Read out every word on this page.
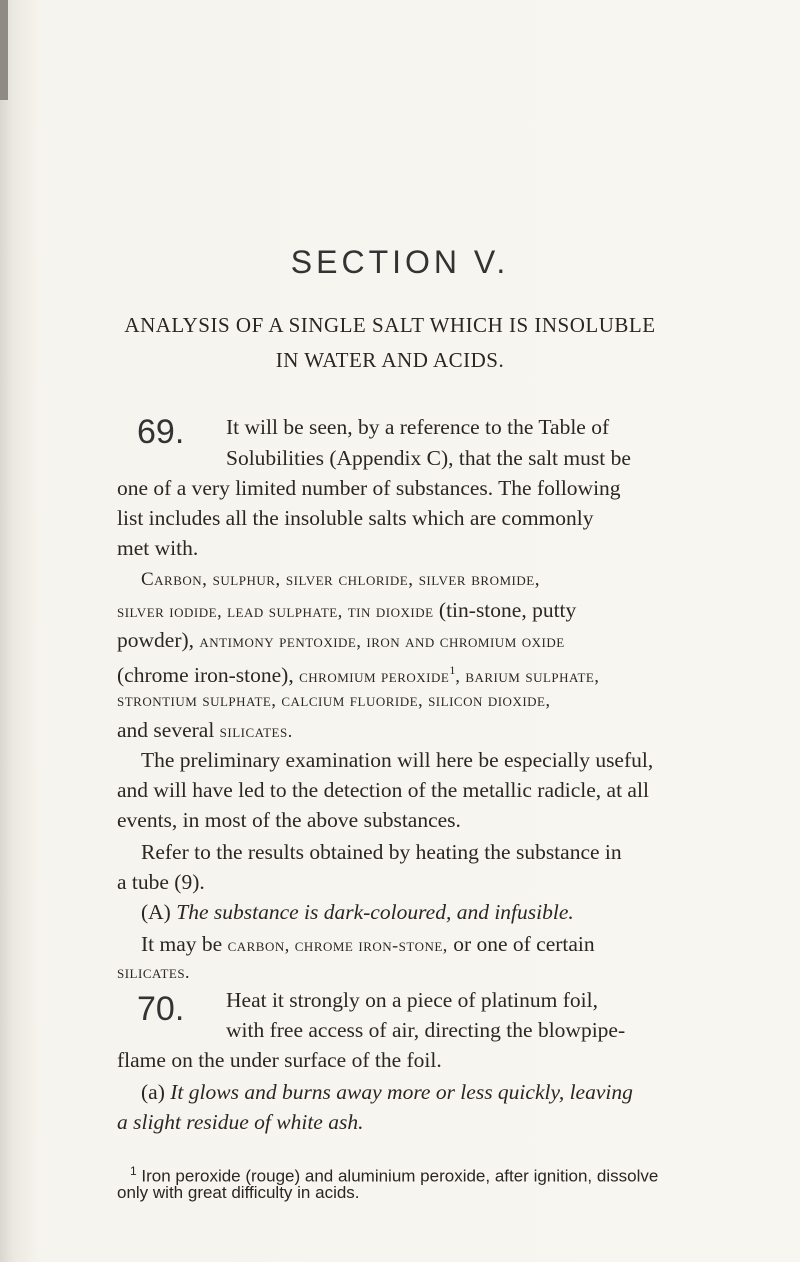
SECTION V.
ANALYSIS OF A SINGLE SALT WHICH IS INSOLUBLE
IN WATER AND ACIDS.
69. It will be seen, by a reference to the Table of
Solubilities (Appendix C), that the salt must be
one of a very limited number of substances. The following
list includes all the insoluble salts which are commonly
met with.
Carbon, sulphur, silver chloride, silver bromide,
silver iodide, lead sulphate, tin dioxide (tin-stone, putty
powder), antimony pentoxide, iron and chromium oxide
(chrome iron-stone), chromium peroxide$^1$, barium sulphate,
strontium sulphate, calcium fluoride, silicon dioxide,
and several silicates.
The preliminary examination will here be especially useful,
and will have led to the detection of the metallic radicle, at all
events, in most of the above substances.
Refer to the results obtained by heating the substance in
a tube (9).
(A) The substance is dark-coloured, and infusible.
It may be carbon, chrome iron-stone, or one of certain
silicates.
70. Heat it strongly on a piece of platinum foil,
with free access of air, directing the blowpipe-
flame on the under surface of the foil.
(a) It glows and burns away more or less quickly, leaving
a slight residue of white ash.
$^1$ Iron peroxide (rouge) and aluminium peroxide, after ignition, dissolve
only with great difficulty in acids.
